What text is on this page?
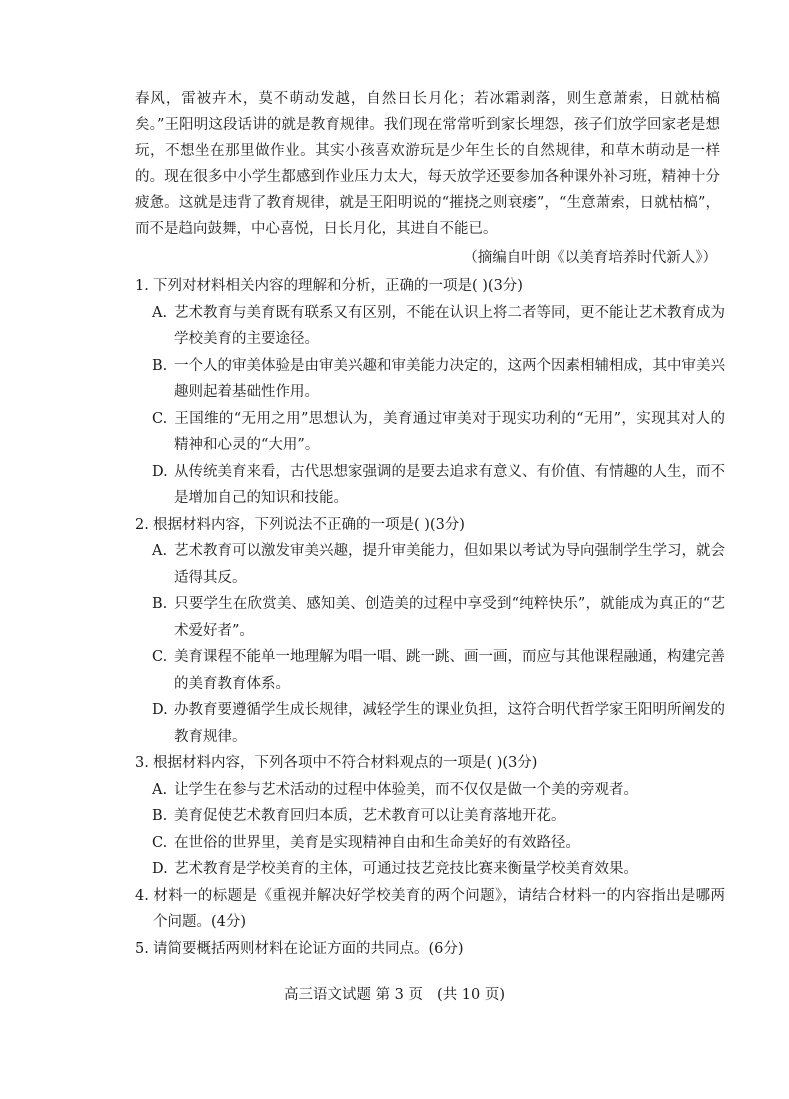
春风，雷被卉木，莫不萌动发越，自然日长月化；若冰霜剥落，则生意萧索，日就枯槁矣。”王阳明这段话讲的就是教育规律。我们现在常常听到家长埋怨，孩子们放学回家老是想玩，不想坐在那里做作业。其实小孩喜欢游玩是少年生长的自然规律，和草木萌动是一样的。现在很多中小学生都感到作业压力太大，每天放学还要参加各种课外补习班，精神十分疲惫。这就是违背了教育规律，就是王阳明说的“摧挠之则衰痿”，“生意萧索，日就枯槁”，而不是趋向鼓舞，中心喜悦，日长月化，其进自不能已。

（摘编自叶朗《以美育培养时代新人》）

1. 下列对材料相关内容的理解和分析，正确的一项是( )(3分)

A. 艺术教育与美育既有联系又有区别，不能在认识上将二者等同，更不能让艺术教育成为学校美育的主要途径。

B. 一个人的审美体验是由审美兴趣和审美能力决定的，这两个因素相辅相成，其中审美兴趣则起着基础性作用。

C. 王国维的“无用之用”思想认为，美育通过审美对于现实功利的“无用”，实现其对人的精神和心灵的“大用”。

D. 从传统美育来看，古代思想家强调的是要去追求有意义、有价值、有情趣的人生，而不是增加自己的知识和技能。

2. 根据材料内容，下列说法不正确的一项是( )(3分)

A. 艺术教育可以激发审美兴趣，提升审美能力，但如果以考试为导向强制学生学习，就会适得其反。

B. 只要学生在欣赏美、感知美、创造美的过程中享受到“纯粹快乐”，就能成为真正的“艺术爱好者”。

C. 美育课程不能单一地理解为唱一唱、跳一跳、画一画，而应与其他课程融通，构建完善的美育教育体系。

D. 办教育要遵循学生成长规律，减轻学生的课业负担，这符合明代哲学家王阳明所阐发的教育规律。

3. 根据材料内容，下列各项中不符合材料观点的一项是( )(3分)

A. 让学生在参与艺术活动的过程中体验美，而不仅仅是做一个美的旁观者。

B. 美育促使艺术教育回归本质，艺术教育可以让美育落地开花。

C. 在世俗的世界里，美育是实现精神自由和生命美好的有效路径。

D. 艺术教育是学校美育的主体，可通过技艺竞技比赛来衡量学校美育效果。

4. 材料一的标题是《重视并解决好学校美育的两个问题》，请结合材料一的内容指出是哪两个问题。(4分)

5. 请简要概括两则材料在论证方面的共同点。(6分)

高三语文试题 第 3 页 (共 10 页)
